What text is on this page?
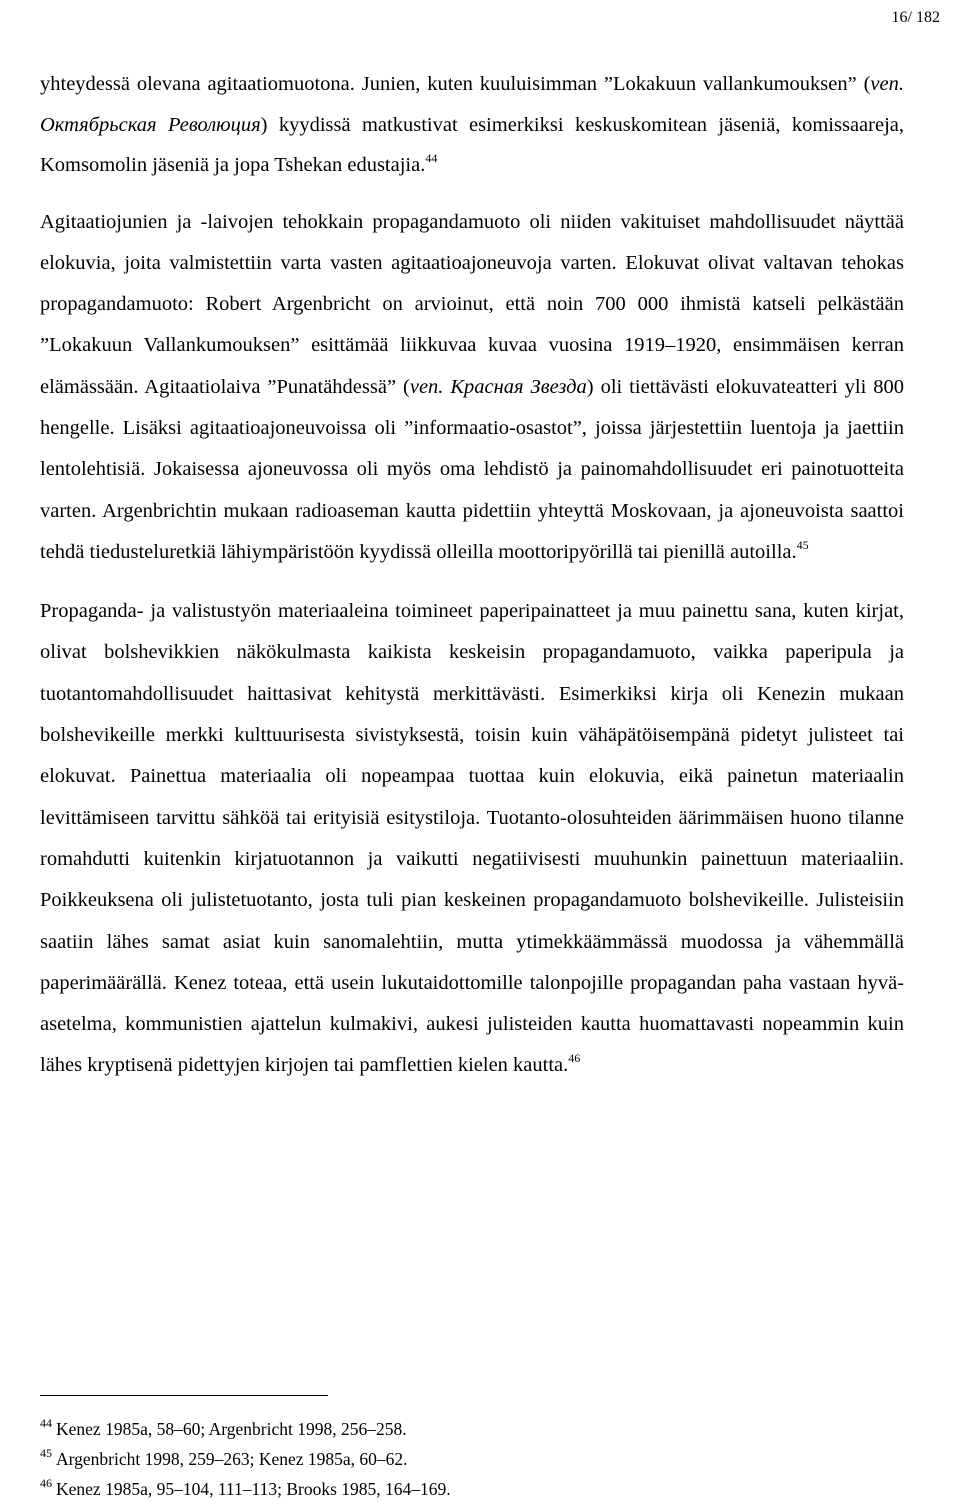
16/ 182

yhteydessä olevana agitaatiomuotona. Junien, kuten kuuluisimman ”Lokakuun vallankumouksen” (ven. Октябрьская Революция) kyydissä matkustivat esimerkiksi keskuskomitean jäseniä, komissaareja, Komsomolin jäseniä ja jopa Tshekan edustajia.$^{44}$

Agitaatiojunien ja -laivojen tehokkain propagandamuoto oli niiden vakituiset mahdollisuudet näyttää elokuvia, joita valmistettiin varta vasten agitaatioajoneuvoja varten. Elokuvat olivat valtavan tehokas propagandamuoto: Robert Argenbricht on arvioinut, että noin 700 000 ihmistä katseli pelkästään ”Lokakuun Vallankumouksen” esittämää liikkuvaa kuvaa vuosina 1919–1920, ensimmäisen kerran elämässään. Agitaatiolaiva ”Punatähdessä” (ven. Красная Звезда) oli tiettävästi elokuvateatteri yli 800 hengelle. Lisäksi agitaatioajoneuvoissa oli ”informaatio-osastot”, joissa järjestettiin luentoja ja jaettiin lentolehtisiä. Jokaisessa ajoneuvossa oli myös oma lehdistö ja painomahdollisuudet eri painotuotteita varten. Argenbrichtin mukaan radioaseman kautta pidettiin yhteyttä Moskovaan, ja ajoneuvoista saattoi tehdä tiedusteluretkiä lähiympäristöön kyydissä olleilla moottoripyörillä tai pienillä autoilla.$^{45}$

Propaganda- ja valistustyön materiaaleina toimineet paperipainatteet ja muu painettu sana, kuten kirjat, olivat bolshevikkien näkökulmasta kaikista keskeisin propagandamuoto, vaikka paperipula ja tuotantomahdollisuudet haittasivat kehitystä merkittävästi. Esimerkiksi kirja oli Kenezin mukaan bolshevikeille merkki kulttuurisesta sivistyksestä, toisin kuin vähäpätöisempänä pidetyt julisteet tai elokuvat. Painettua materiaalia oli nopeampaa tuottaa kuin elokuvia, eikä painetun materiaalin levittämiseen tarvittu sähköä tai erityisiä esitystiloja. Tuotanto-olosuhteiden äärimmäisen huono tilanne romahdutti kuitenkin kirjatuotannon ja vaikutti negatiivisesti muuhunkin painettuun materiaaliin. Poikkeuksena oli julistetuotanto, josta tuli pian keskeinen propagandamuoto bolshevikeille. Julisteisiin saatiin lähes samat asiat kuin sanomalehtiin, mutta ytimekkäämmässä muodossa ja vähemmällä paperimäärällä. Kenez toteaa, että usein lukutaidottomille talonpojille propagandan paha vastaan hyvä-asetelma, kommunistien ajattelun kulmakivi, aukesi julisteiden kautta huomattavasti nopeammin kuin lähes kryptisenä pidettyjen kirjojen tai pamflettien kielen kautta.$^{46}$

$^{44}$ Kenez 1985a, 58–60; Argenbricht 1998, 256–258.

$^{45}$ Argenbricht 1998, 259–263; Kenez 1985a, 60–62.

$^{46}$ Kenez 1985a, 95–104, 111–113; Brooks 1985, 164–169.
